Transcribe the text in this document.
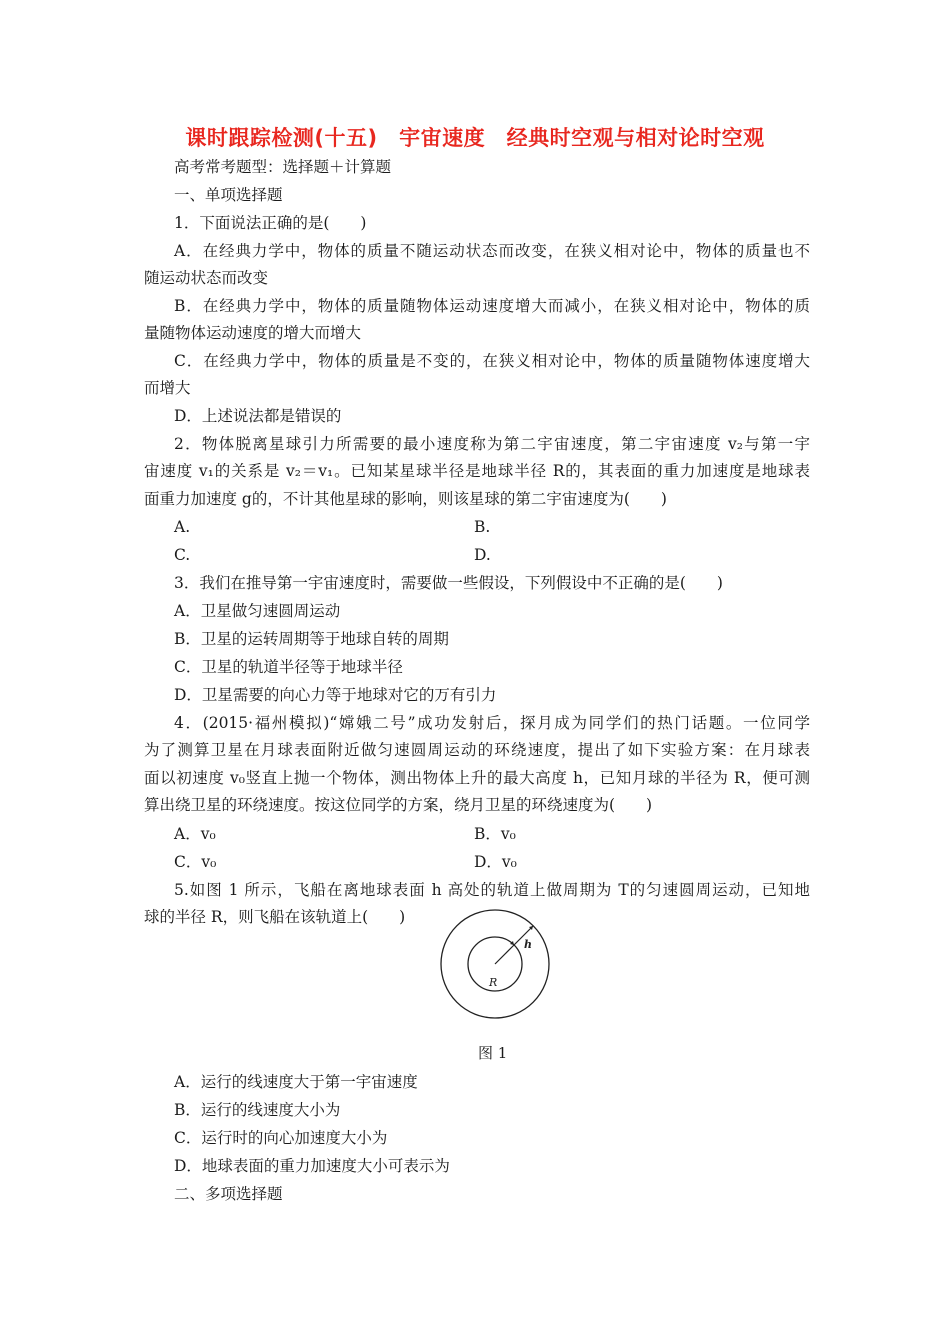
课时跟踪检测(十五)　宇宙速度　经典时空观与相对论时空观
高考常考题型：选择题＋计算题
一、单项选择题
1．下面说法正确的是(　　)
A．在经典力学中，物体的质量不随运动状态而改变，在狭义相对论中，物体的质量也不
随运动状态而改变
B．在经典力学中，物体的质量随物体运动速度增大而减小，在狭义相对论中，物体的质
量随物体运动速度的增大而增大
C．在经典力学中，物体的质量是不变的，在狭义相对论中，物体的质量随物体速度增大
而增大
D．上述说法都是错误的
2．物体脱离星球引力所需要的最小速度称为第二宇宙速度，第二宇宙速度 v₂与第一宇
宙速度 v₁的关系是 v₂＝v₁。已知某星球半径是地球半径 R的，其表面的重力加速度是地球表
面重力加速度 g的，不计其他星球的影响，则该星球的第二宇宙速度为(　　)
A.	B.
C.	D.
3．我们在推导第一宇宙速度时，需要做一些假设，下列假设中不正确的是(　　)
A．卫星做匀速圆周运动
B．卫星的运转周期等于地球自转的周期
C．卫星的轨道半径等于地球半径
D．卫星需要的向心力等于地球对它的万有引力
4．(2015·福州模拟)“嫦娥二号”成功发射后，探月成为同学们的热门话题。一位同学
为了测算卫星在月球表面附近做匀速圆周运动的环绕速度，提出了如下实验方案：在月球表
面以初速度 v₀竖直上抛一个物体，测出物体上升的最大高度 h，已知月球的半径为 R，便可测
算出绕卫星的环绕速度。按这位同学的方案，绕月卫星的环绕速度为(　　)
A．v₀	B．v₀
C．v₀	D．v₀
5.如图 1 所示，飞船在离地球表面 h 高处的轨道上做周期为 T的匀速圆周运动，已知地
球的半径 R，则飞船在该轨道上(　　)
R
h
图 1
A．运行的线速度大于第一宇宙速度
B．运行的线速度大小为
C．运行时的向心加速度大小为
D．地球表面的重力加速度大小可表示为
二、多项选择题
